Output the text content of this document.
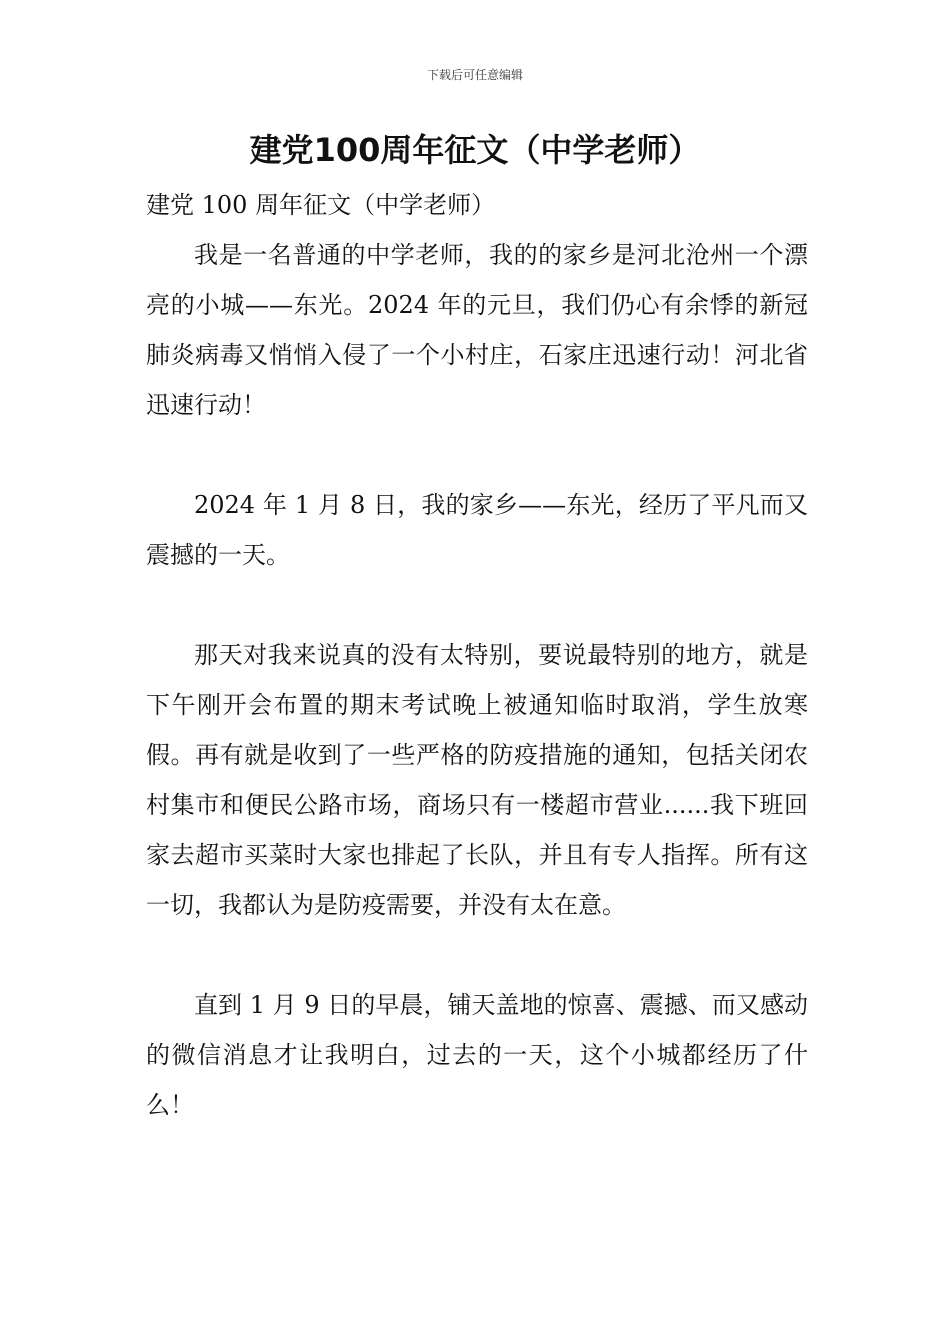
下载后可任意编辑
建党100周年征文（中学老师）

建党 100 周年征文（中学老师）

我是一名普通的中学老师，我的的家乡是河北沧州一个漂亮的小城——东光。2024 年的元旦，我们仍心有余悸的新冠肺炎病毒又悄悄入侵了一个小村庄，石家庄迅速行动！河北省迅速行动！

2024 年 1 月 8 日，我的家乡——东光，经历了平凡而又震撼的一天。

那天对我来说真的没有太特别，要说最特别的地方，就是下午刚开会布置的期末考试晚上被通知临时取消，学生放寒假。再有就是收到了一些严格的防疫措施的通知，包括关闭农村集市和便民公路市场，商场只有一楼超市营业......我下班回家去超市买菜时大家也排起了长队，并且有专人指挥。所有这一切，我都认为是防疫需要，并没有太在意。

直到 1 月 9 日的早晨，铺天盖地的惊喜、震撼、而又感动的微信消息才让我明白，过去的一天，这个小城都经历了什么！
